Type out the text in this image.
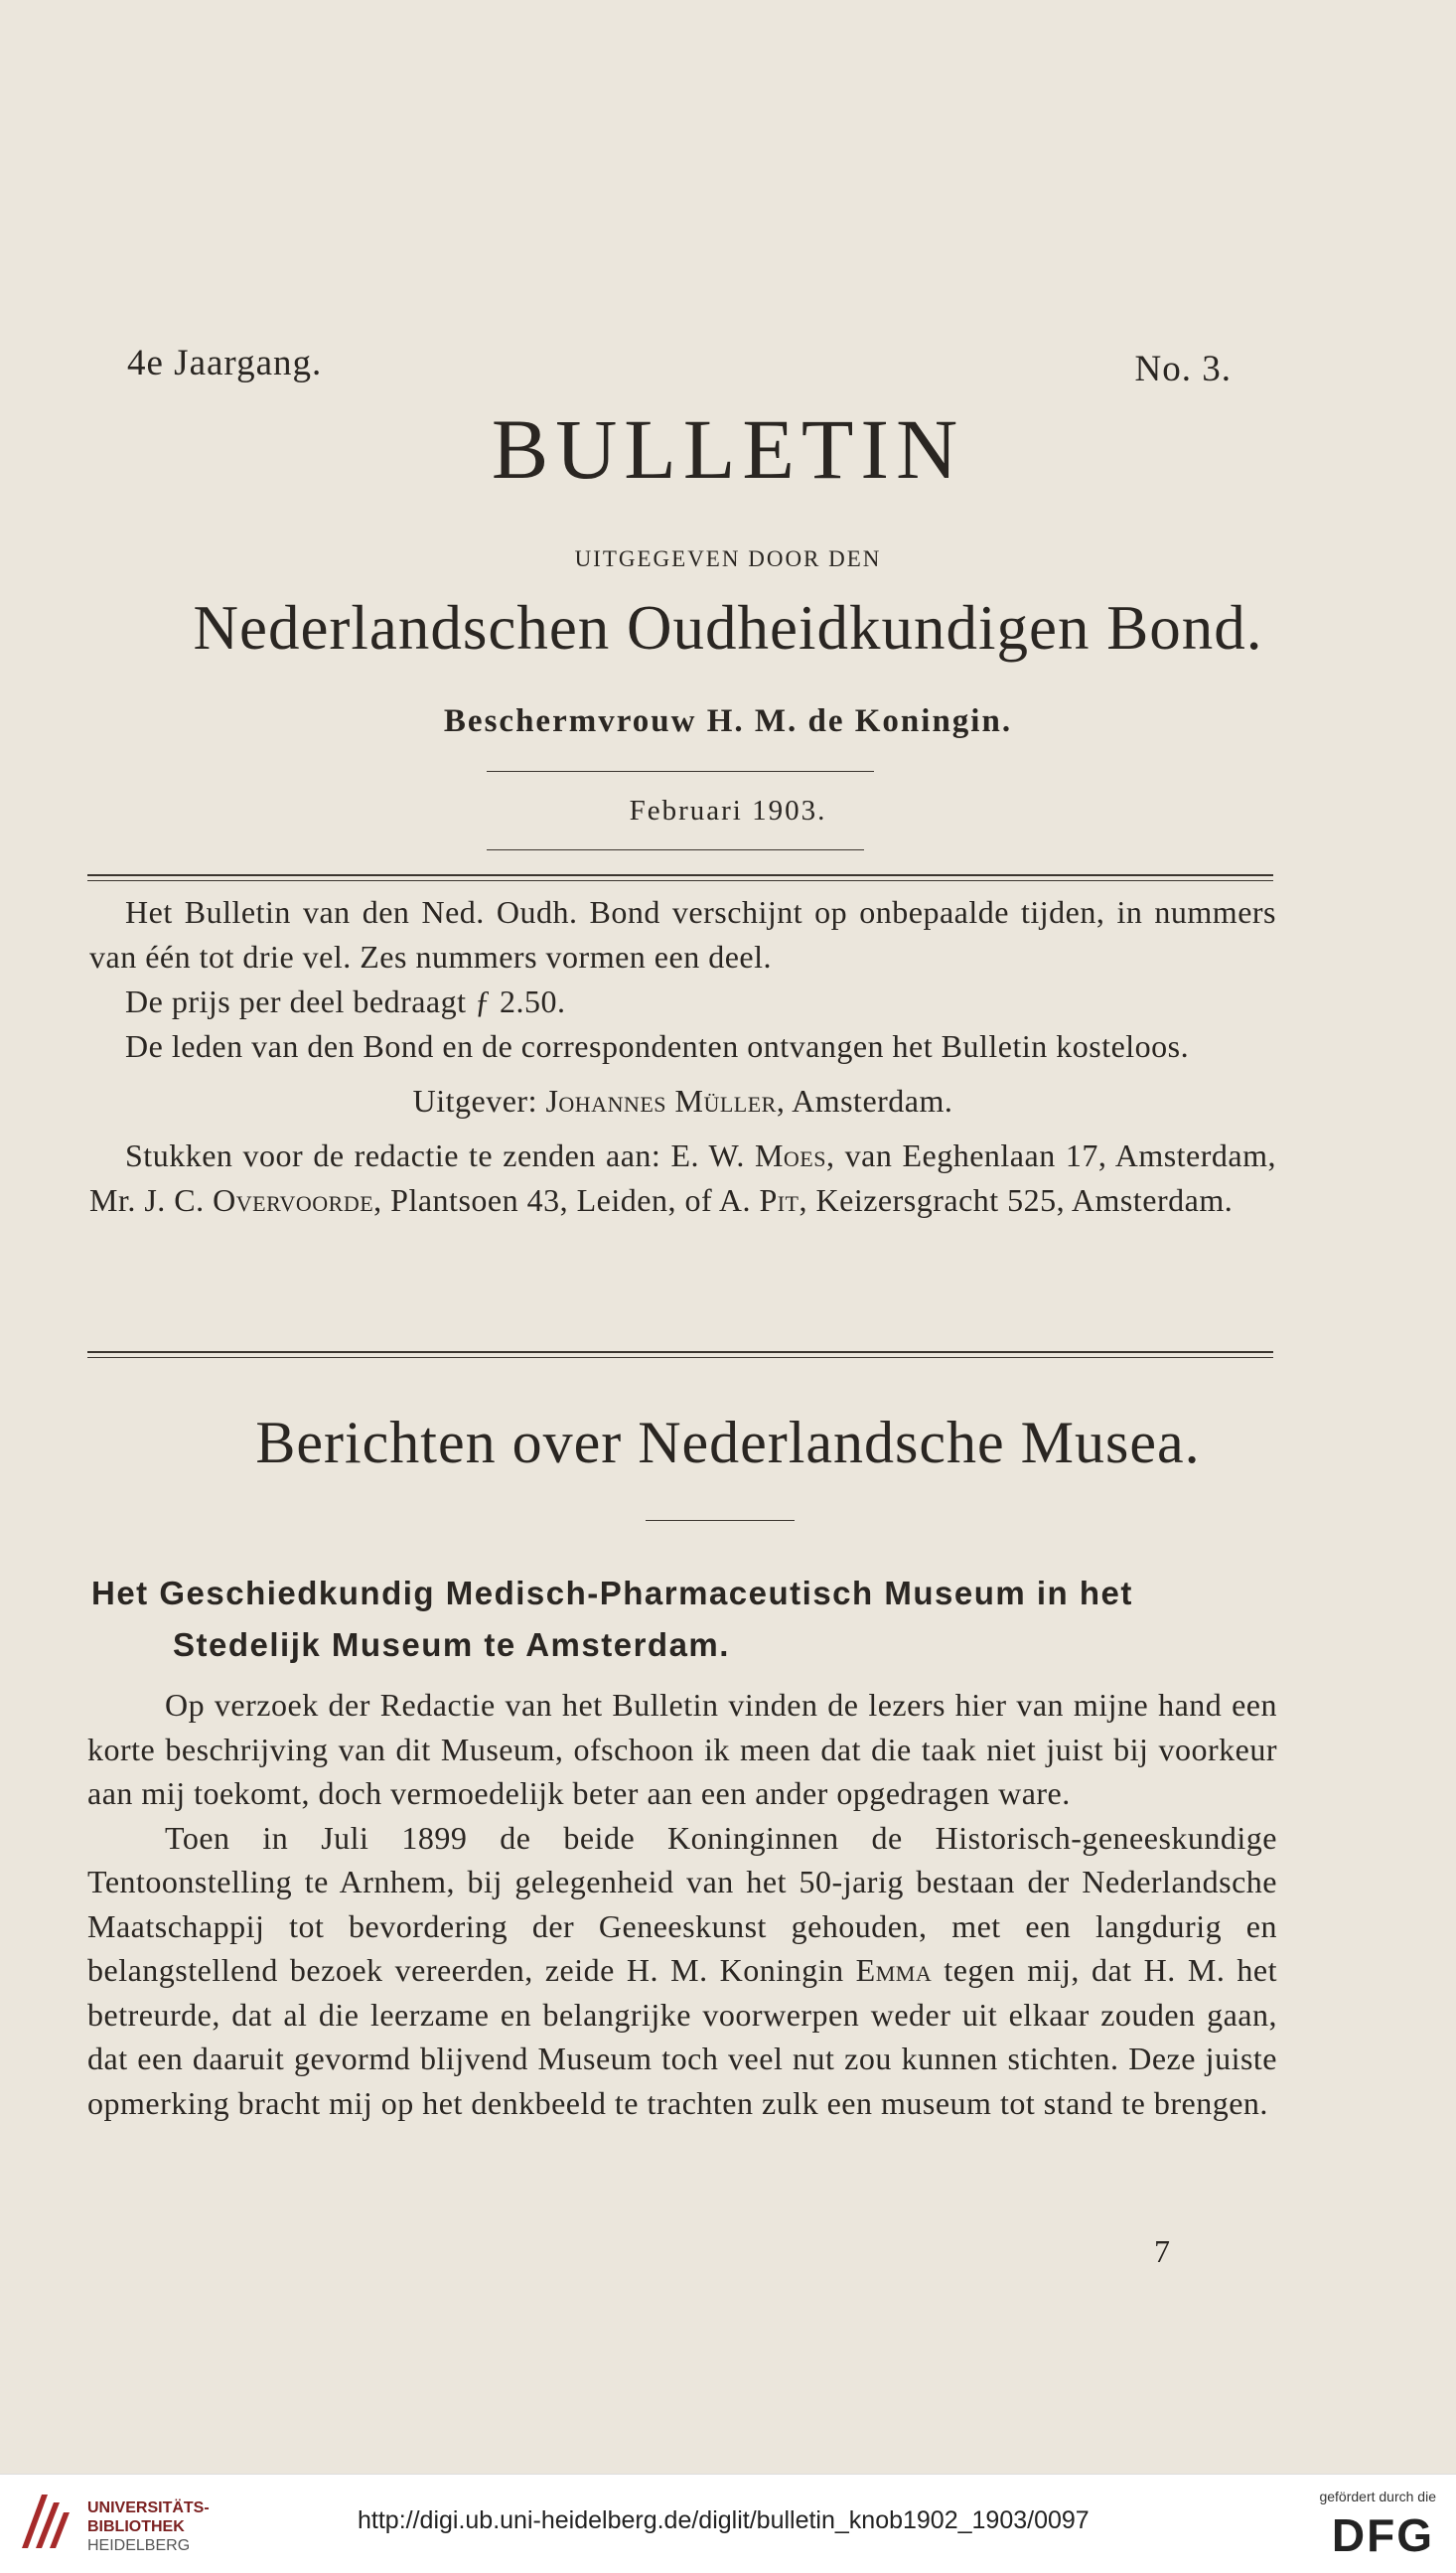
4e Jaargang.	No. 3.
BULLETIN
UITGEGEVEN DOOR DEN
Nederlandschen Oudheidkundigen Bond.
Beschermvrouw H. M. de Koningin.
Februari 1903.

Het Bulletin van den Ned. Oudh. Bond verschijnt op onbepaalde tijden, in nummers van één tot drie vel. Zes nummers vormen een deel.

De prijs per deel bedraagt ƒ 2.50.

De leden van den Bond en de correspondenten ontvangen het Bulletin kosteloos.

Uitgever: Johannes Müller, Amsterdam.

Stukken voor de redactie te zenden aan: E. W. Moes, van Eeghenlaan 17, Amsterdam, Mr. J. C. Overvoorde, Plantsoen 43, Leiden, of A. Pit, Keizersgracht 525, Amsterdam.

Berichten over Nederlandsche Musea.
Het Geschiedkundig Medisch-Pharmaceutisch Museum in het
Stedelijk Museum te Amsterdam.

Op verzoek der Redactie van het Bulletin vinden de lezers hier van mijne hand een korte beschrijving van dit Museum, ofschoon ik meen dat die taak niet juist bij voorkeur aan mij toekomt, doch vermoedelijk beter aan een ander opgedragen ware.

Toen in Juli 1899 de beide Koninginnen de Historisch-geneeskundige Tentoonstelling te Arnhem, bij gelegenheid van het 50-jarig bestaan der Nederlandsche Maatschappij tot bevordering der Geneeskunst gehouden, met een langdurig en belangstellend bezoek vereerden, zeide H. M. Koningin Emma tegen mij, dat H. M. het betreurde, dat al die leerzame en belangrijke voorwerpen weder uit elkaar zouden gaan, dat een daaruit gevormd blijvend Museum toch veel nut zou kunnen stichten. Deze juiste opmerking bracht mij op het denkbeeld te trachten zulk een museum tot stand te brengen.

7
UNIVERSITÄTS-
BIBLIOTHEK
HEIDELBERG
http://digi.ub.uni-heidelberg.de/diglit/bulletin_knob1902_1903/0097
gefördert durch die
DFG
